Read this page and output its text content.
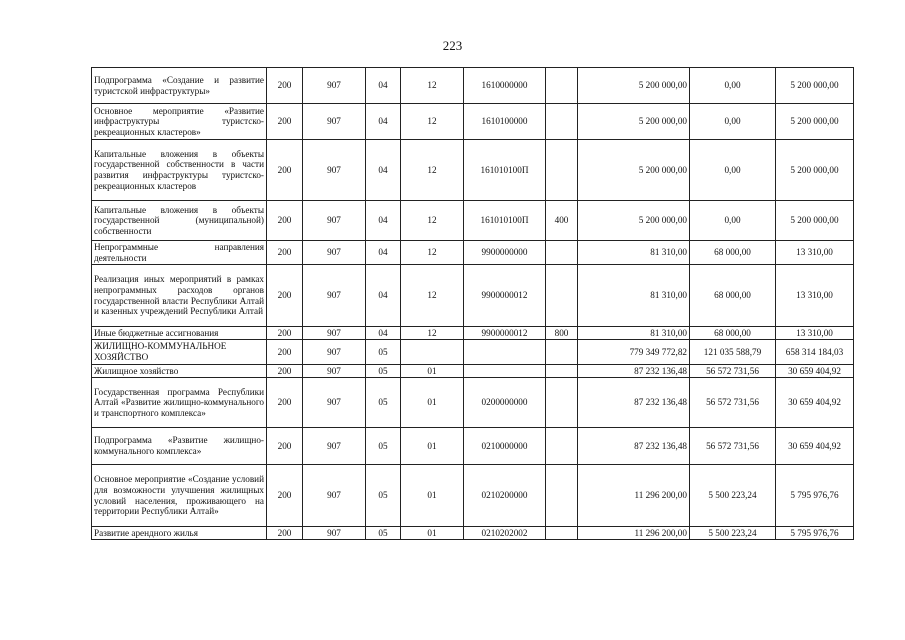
223
Подпрограмма «Создание и развитие туристской инфраструктуры»	200	907	04	12	1610000000		5 200 000,00	0,00	5 200 000,00
Основное мероприятие «Развитие инфраструктуры туристско-рекреационных кластеров»	200	907	04	12	1610100000		5 200 000,00	0,00	5 200 000,00
Капитальные вложения в объекты государственной собственности в части развития инфраструктуры туристско-рекреационных кластеров	200	907	04	12	161010100П		5 200 000,00	0,00	5 200 000,00
Капитальные вложения в объекты государственной (муниципальной) собственности	200	907	04	12	161010100П	400	5 200 000,00	0,00	5 200 000,00
Непрограммные направления деятельности	200	907	04	12	9900000000		81 310,00	68 000,00	13 310,00
Реализация иных мероприятий в рамках непрограммных расходов органов государственной власти Республики Алтай и казенных учреждений Республики Алтай	200	907	04	12	9900000012		81 310,00	68 000,00	13 310,00
Иные бюджетные ассигнования	200	907	04	12	9900000012	800	81 310,00	68 000,00	13 310,00
ЖИЛИЩНО-КОММУНАЛЬНОЕ ХОЗЯЙСТВО	200	907	05				779 349 772,82	121 035 588,79	658 314 184,03
Жилищное хозяйство	200	907	05	01			87 232 136,48	56 572 731,56	30 659 404,92
Государственная программа Республики Алтай «Развитие жилищно-коммунального и транспортного комплекса»	200	907	05	01	0200000000		87 232 136,48	56 572 731,56	30 659 404,92
Подпрограмма «Развитие жилищно-коммунального комплекса»	200	907	05	01	0210000000		87 232 136,48	56 572 731,56	30 659 404,92
Основное мероприятие «Создание условий для возможности улучшения жилищных условий населения, проживающего на территории Республики Алтай»	200	907	05	01	0210200000		11 296 200,00	5 500 223,24	5 795 976,76
Развитие арендного жилья	200	907	05	01	0210202002		11 296 200,00	5 500 223,24	5 795 976,76
